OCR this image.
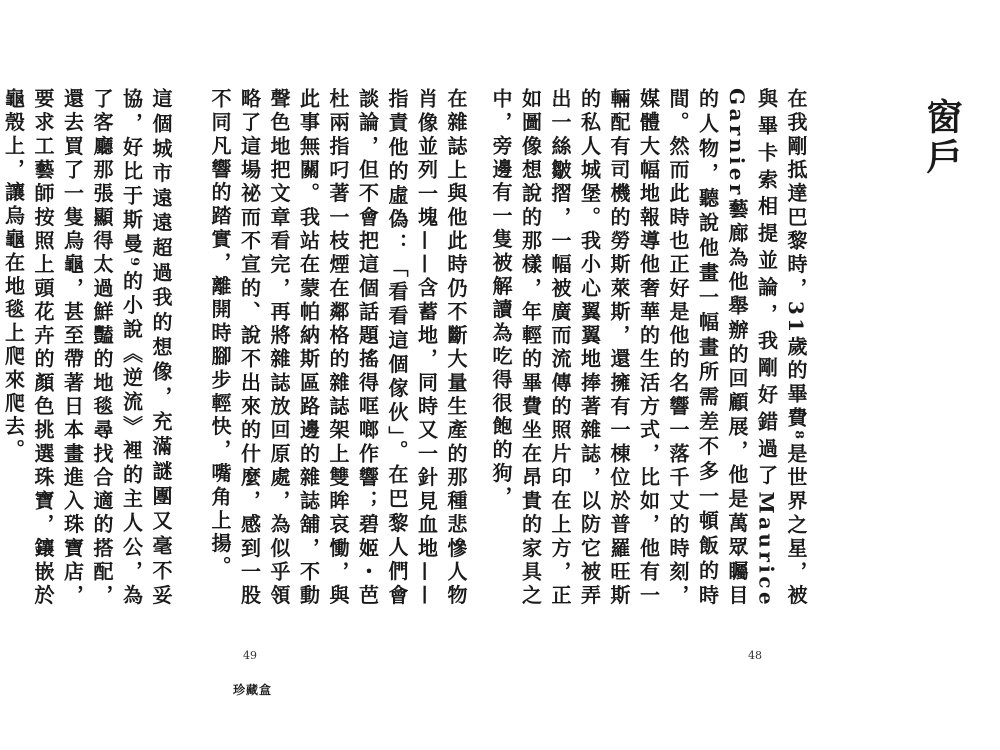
在雜誌上與他此時仍不斷大量生產的那種悲慘人物肖像並列一塊——含蓄地，同時又一針見血地——指責他的虛偽：「看看這個傢伙」。在巴黎人們會談論，但不會把這個話題搖得哐啷作響；碧姬・芭杜兩指叼著一枝煙在鄰格的雜誌架上雙眸哀慟，與此事無關。我站在蒙帕納斯區路邊的雜誌舖，不動聲色地把文章看完，再將雜誌放回原處，為似乎領略了這場祕而不宣的、說不出來的什麼，感到一股不同凡響的踏實，離開時腳步輕快，嘴角上揚。

這個城市遠遠超過我的想像，充滿謎團又毫不妥協，好比于斯曼⁹的小說《逆流》裡的主人公，為了客廳那張顯得太過鮮豔的地毯尋找合適的搭配，還去買了一隻烏龜，甚至帶著日本畫進入珠寶店，要求工藝師按照上頭花卉的顏色挑選珠寶，鑲嵌於龜殼上，讓烏龜在地毯上爬來爬去。

49
珍藏盒
窗戶

在我剛抵達巴黎時，31歲的畢費⁸是世界之星，被與畢卡索相提並論，我剛好錯過了Maurice Garnier藝廊為他舉辦的回顧展，他是萬眾矚目的人物，聽說他畫一幅畫所需差不多一頓飯的時間。然而此時也正好是他的名響一落千丈的時刻，媒體大幅地報導他奢華的生活方式，比如，他有一輛配有司機的勞斯萊斯，還擁有一棟位於普羅旺斯的私人城堡。我小心翼翼地捧著雜誌，以防它被弄出一絲皺摺，一幅被廣而流傳的照片印在上方，正如圖像想說的那樣，年輕的畢費坐在昂貴的家具之中，旁邊有一隻被解讀為吃得很飽的狗，

48
